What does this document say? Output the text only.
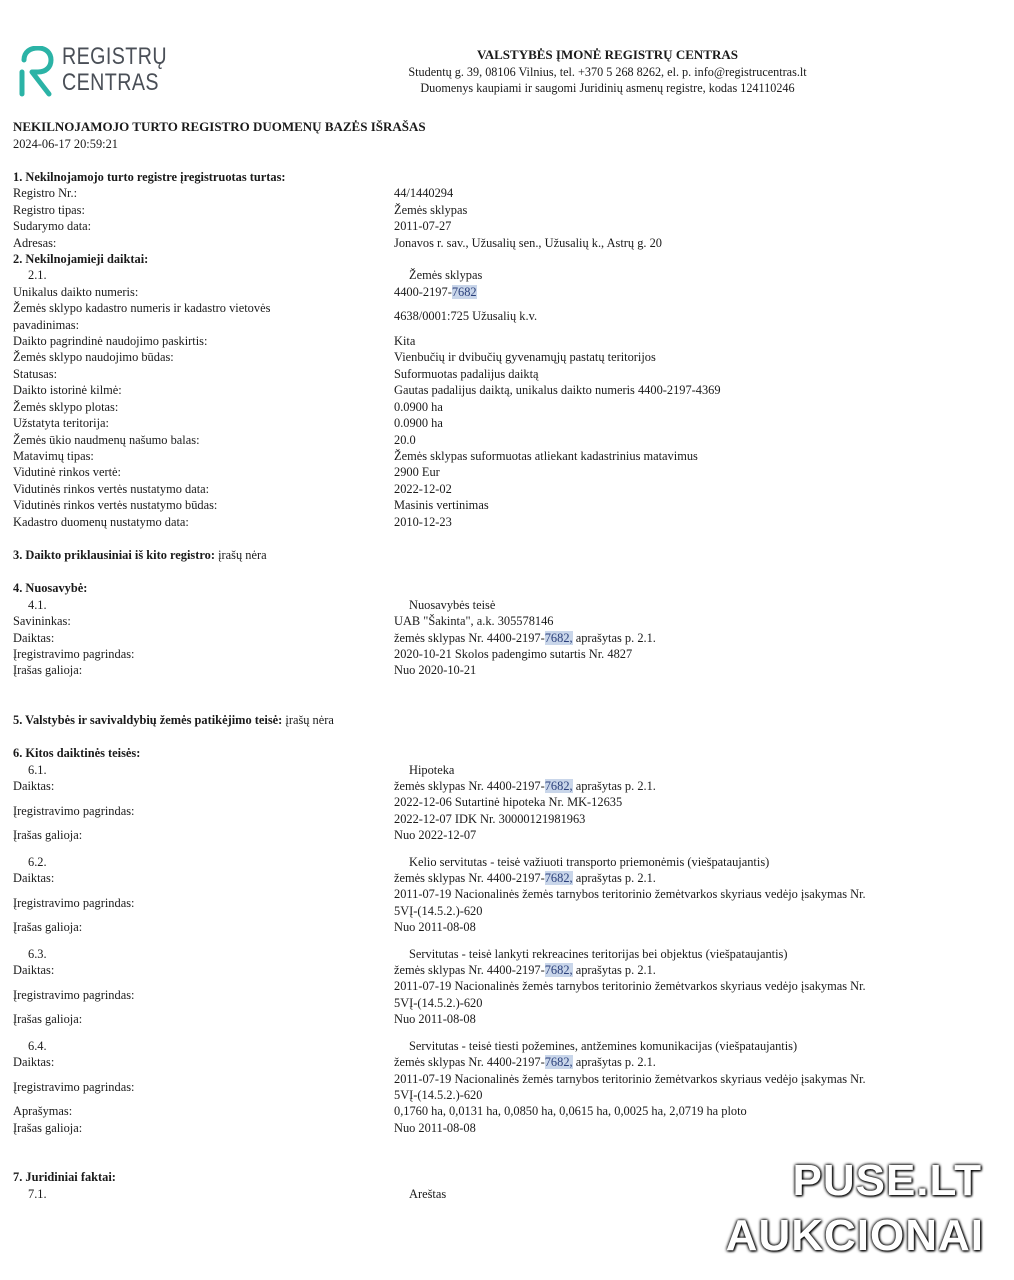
REGISTRŲ
CENTRAS
VALSTYBĖS ĮMONĖ REGISTRŲ CENTRAS
Studentų g. 39, 08106 Vilnius, tel. +370 5 268 8262, el. p. info@registrucentras.lt
Duomenys kaupiami ir saugomi Juridinių asmenų registre, kodas 124110246
NEKILNOJAMOJO TURTO REGISTRO DUOMENŲ BAZĖS IŠRAŠAS
2024-06-17 20:59:21
1. Nekilnojamojo turto registre įregistruotas turtas:
Registro Nr.:	44/1440294
Registro tipas:	Žemės sklypas
Sudarymo data:	2011-07-27
Adresas:	Jonavos r. sav., Užusalių sen., Užusalių k., Astrų g. 20
2. Nekilnojamieji daiktai:
2.1.	Žemės sklypas
Unikalus daikto numeris:	4400-2197-7682
Žemės sklypo kadastro numeris ir kadastro vietovės pavadinimas:
4638/0001:725 Užusalių k.v.
Daikto pagrindinė naudojimo paskirtis:	Kita
Žemės sklypo naudojimo būdas:	Vienbučių ir dvibučių gyvenamųjų pastatų teritorijos
Statusas:	Suformuotas padalijus daiktą
Daikto istorinė kilmė:	Gautas padalijus daiktą, unikalus daikto numeris 4400-2197-4369
Žemės sklypo plotas:	0.0900 ha
Užstatyta teritorija:	0.0900 ha
Žemės ūkio naudmenų našumo balas:	20.0
Matavimų tipas:	Žemės sklypas suformuotas atliekant kadastrinius matavimus
Vidutinė rinkos vertė:	2900 Eur
Vidutinės rinkos vertės nustatymo data:	2022-12-02
Vidutinės rinkos vertės nustatymo būdas:	Masinis vertinimas
Kadastro duomenų nustatymo data:	2010-12-23
3. Daikto priklausiniai iš kito registro: įrašų nėra
4. Nuosavybė:
4.1.	Nuosavybės teisė
Savininkas:	UAB "Šakinta", a.k. 305578146
Daiktas:	žemės sklypas Nr. 4400-2197-7682, aprašytas p. 2.1.
Įregistravimo pagrindas:	2020-10-21 Skolos padengimo sutartis Nr. 4827
Įrašas galioja:	Nuo 2020-10-21
5. Valstybės ir savivaldybių žemės patikėjimo teisė: įrašų nėra
6. Kitos daiktinės teisės:
6.1.	Hipoteka
Daiktas:	žemės sklypas Nr. 4400-2197-7682, aprašytas p. 2.1.
Įregistravimo pagrindas:
2022-12-06 Sutartinė hipoteka Nr. MK-12635
2022-12-07 IDK Nr. 30000121981963
Įrašas galioja:	Nuo 2022-12-07
6.2.	Kelio servitutas - teisė važiuoti transporto priemonėmis (viešpataujantis)
Daiktas:	žemės sklypas Nr. 4400-2197-7682, aprašytas p. 2.1.
Įregistravimo pagrindas:
2011-07-19 Nacionalinės žemės tarnybos teritorinio žemėtvarkos skyriaus vedėjo įsakymas Nr.
5VĮ-(14.5.2.)-620
Įrašas galioja:	Nuo 2011-08-08
6.3.	Servitutas - teisė lankyti rekreacines teritorijas bei objektus (viešpataujantis)
Daiktas:	žemės sklypas Nr. 4400-2197-7682, aprašytas p. 2.1.
Įregistravimo pagrindas:
2011-07-19 Nacionalinės žemės tarnybos teritorinio žemėtvarkos skyriaus vedėjo įsakymas Nr.
5VĮ-(14.5.2.)-620
Įrašas galioja:	Nuo 2011-08-08
6.4.	Servitutas - teisė tiesti požemines, antžemines komunikacijas (viešpataujantis)
Daiktas:	žemės sklypas Nr. 4400-2197-7682, aprašytas p. 2.1.
Įregistravimo pagrindas:
2011-07-19 Nacionalinės žemės tarnybos teritorinio žemėtvarkos skyriaus vedėjo įsakymas Nr.
5VĮ-(14.5.2.)-620
Aprašymas:	0,1760 ha, 0,0131 ha, 0,0850 ha, 0,0615 ha, 0,0025 ha, 2,0719 ha ploto
Įrašas galioja:	Nuo 2011-08-08
7. Juridiniai faktai:
7.1.	Areštas	PUSE.LT
AUKCIONAI
